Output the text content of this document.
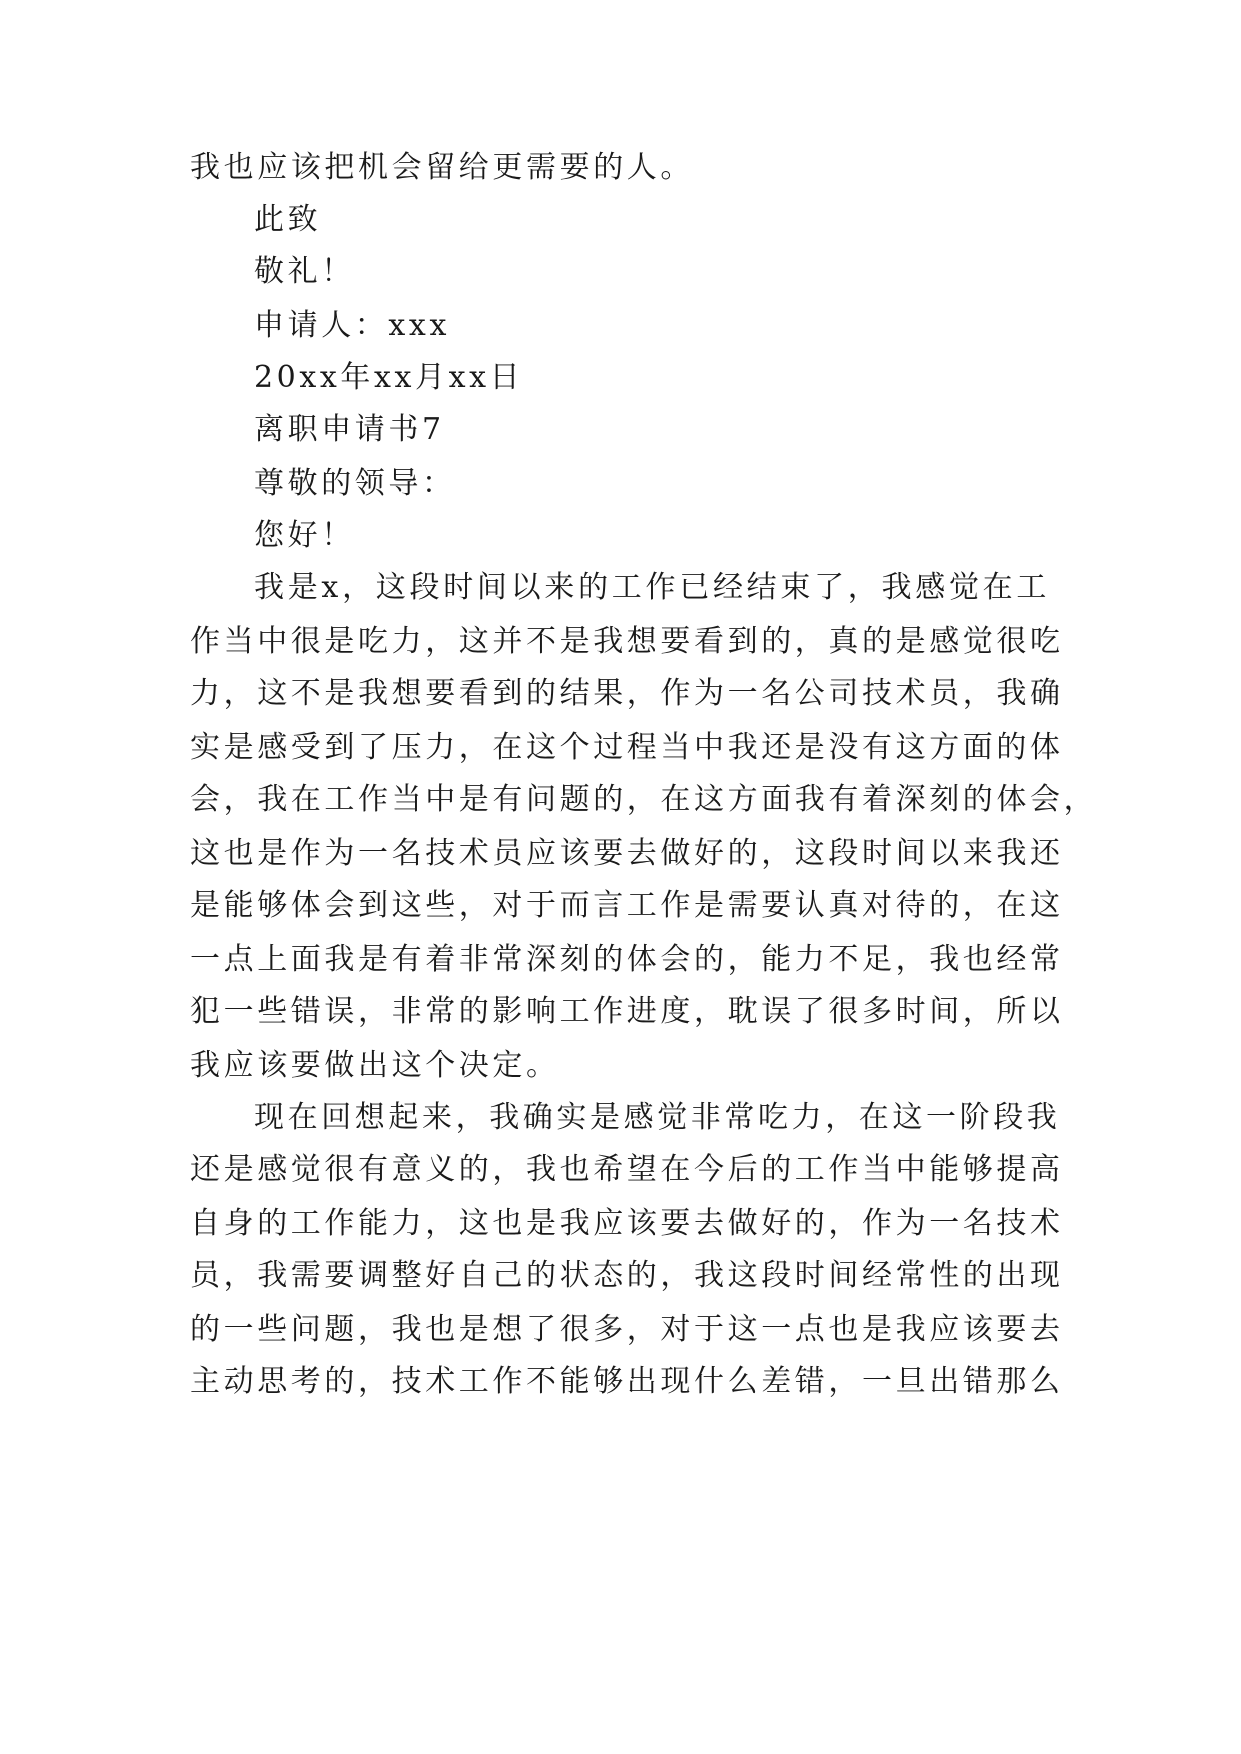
我也应该把机会留给更需要的人。
此致
敬礼！
申请人：xxx
20xx年xx月xx日
离职申请书7
尊敬的领导：
您好！
我是x，这段时间以来的工作已经结束了，我感觉在工
作当中很是吃力，这并不是我想要看到的，真的是感觉很吃
力，这不是我想要看到的结果，作为一名公司技术员，我确
实是感受到了压力，在这个过程当中我还是没有这方面的体
会，我在工作当中是有问题的，在这方面我有着深刻的体会，
这也是作为一名技术员应该要去做好的，这段时间以来我还
是能够体会到这些，对于而言工作是需要认真对待的，在这
一点上面我是有着非常深刻的体会的，能力不足，我也经常
犯一些错误，非常的影响工作进度，耽误了很多时间，所以
我应该要做出这个决定。
现在回想起来，我确实是感觉非常吃力，在这一阶段我
还是感觉很有意义的，我也希望在今后的工作当中能够提高
自身的工作能力，这也是我应该要去做好的，作为一名技术
员，我需要调整好自己的状态的，我这段时间经常性的出现
的一些问题，我也是想了很多，对于这一点也是我应该要去
主动思考的，技术工作不能够出现什么差错，一旦出错那么
